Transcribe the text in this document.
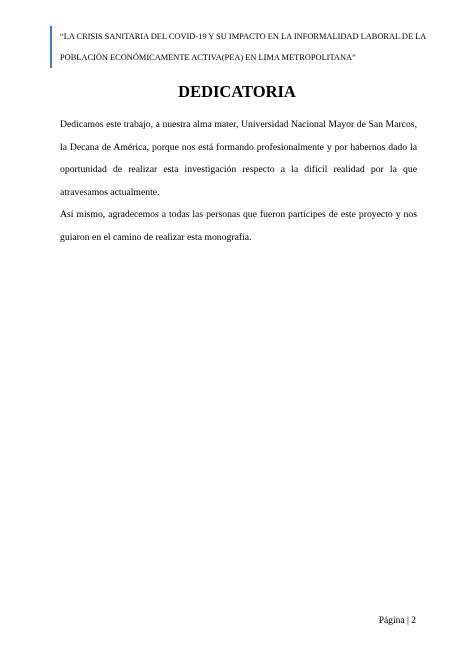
“LA CRISIS SANITARIA DEL COVID-19 Y SU IMPACTO EN LA INFORMALIDAD LABORAL DE LA

POBLACIÓN ECONÓMICAMENTE ACTIVA(PEA) EN LIMA METROPOLITANA”

DEDICATORIA

Dedicamos este trabajo, a nuestra alma mater, Universidad Nacional Mayor de San Marcos, la Decana de América, porque nos está formando profesionalmente y por habernos dado la oportunidad de realizar esta investigación respecto a la difícil realidad por la que atravesamos actualmente.

Así mismo, agradecemos a todas las personas que fueron partícipes de este proyecto y nos guiaron en el camino de realizar esta monografía.

Página | 2
